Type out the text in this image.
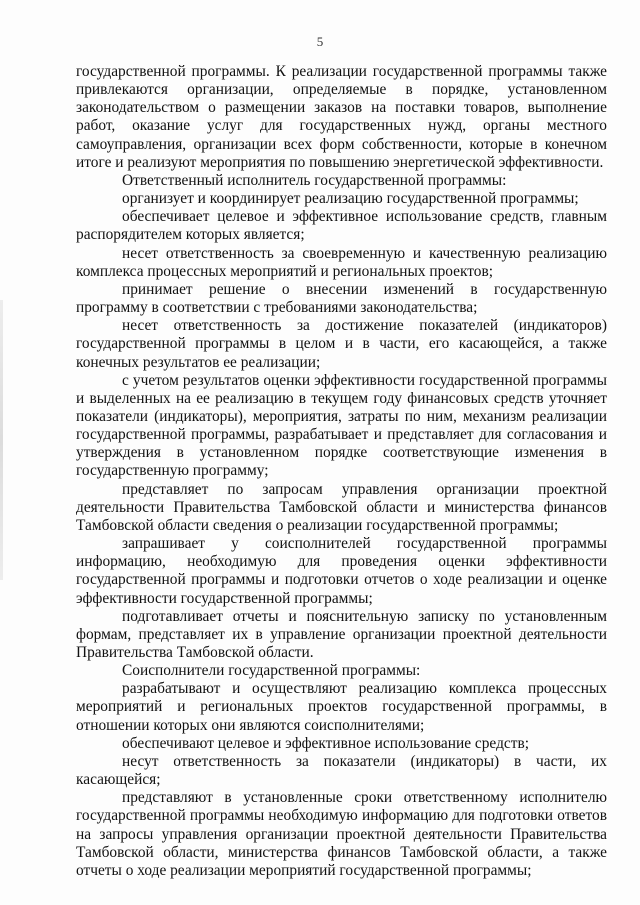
5

государственной программы. К реализации государственной программы также привлекаются организации, определяемые в порядке, установленном законодательством о размещении заказов на поставки товаров, выполнение работ, оказание услуг для государственных нужд, органы местного самоуправления, организации всех форм собственности, которые в конечном итоге и реализуют мероприятия по повышению энергетической эффективности.

Ответственный исполнитель государственной программы:

организует и координирует реализацию государственной программы;

обеспечивает целевое и эффективное использование средств, главным распорядителем которых является;

несет ответственность за своевременную и качественную реализацию комплекса процессных мероприятий и региональных проектов;

принимает решение о внесении изменений в государственную программу в соответствии с требованиями законодательства;

несет ответственность за достижение показателей (индикаторов) государственной программы в целом и в части, его касающейся, а также конечных результатов ее реализации;

с учетом результатов оценки эффективности государственной программы и выделенных на ее реализацию в текущем году финансовых средств уточняет показатели (индикаторы), мероприятия, затраты по ним, механизм реализации государственной программы, разрабатывает и представляет для согласования и утверждения в установленном порядке соответствующие изменения в государственную программу;

представляет по запросам управления организации проектной деятельности Правительства Тамбовской области и министерства финансов Тамбовской области сведения о реализации государственной программы;

запрашивает у соисполнителей государственной программы информацию, необходимую для проведения оценки эффективности государственной программы и подготовки отчетов о ходе реализации и оценке эффективности государственной программы;

подготавливает отчеты и пояснительную записку по установленным формам, представляет их в управление организации проектной деятельности Правительства Тамбовской области.

Соисполнители государственной программы:

разрабатывают и осуществляют реализацию комплекса процессных мероприятий и региональных проектов государственной программы, в отношении которых они являются соисполнителями;

обеспечивают целевое и эффективное использование средств;

несут ответственность за показатели (индикаторы) в части, их касающейся;

представляют в установленные сроки ответственному исполнителю государственной программы необходимую информацию для подготовки ответов на запросы управления организации проектной деятельности Правительства Тамбовской области, министерства финансов Тамбовской области, а также отчеты о ходе реализации мероприятий государственной программы;
